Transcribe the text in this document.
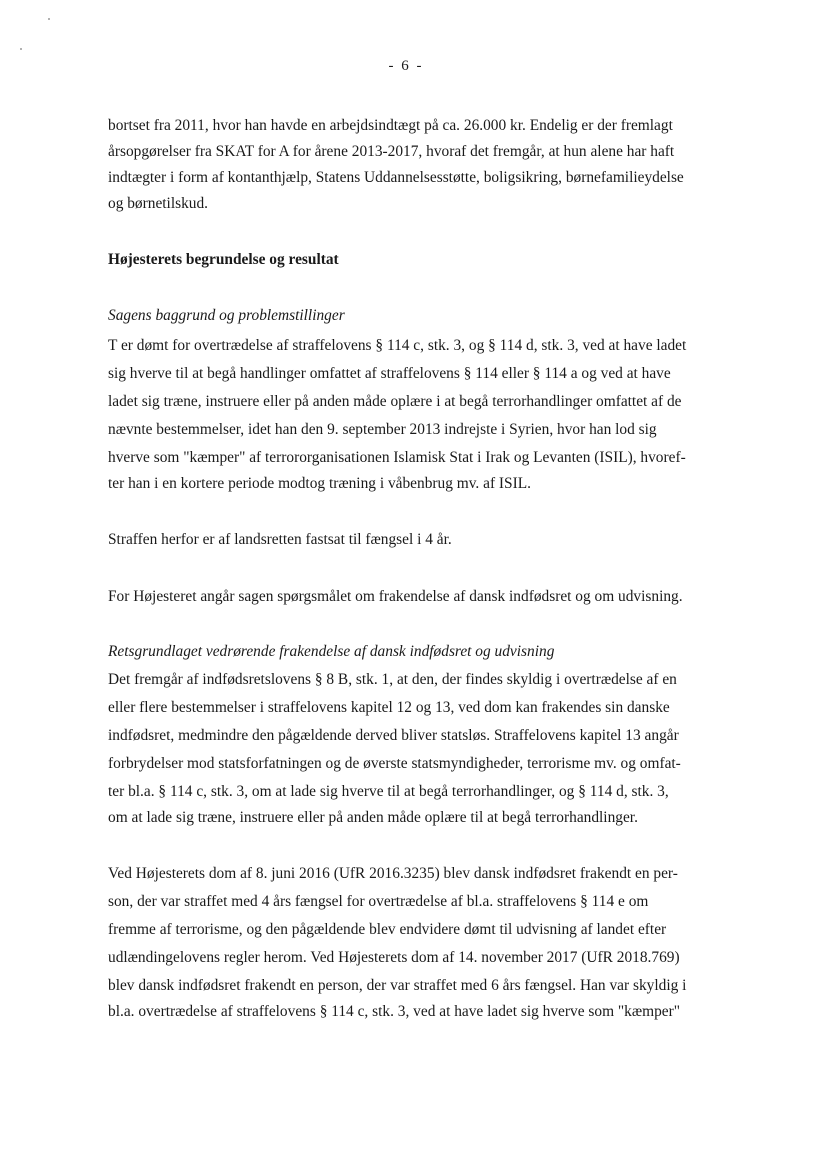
- 6 -
bortset fra 2011, hvor han havde en arbejdsindtægt på ca. 26.000 kr. Endelig er der fremlagt
årsopgørelser fra SKAT for A for årene 2013-2017, hvoraf det fremgår, at hun alene har haft
indtægter i form af kontanthjælp, Statens Uddannelsesstøtte, boligsikring, børnefamilieydelse
og børnetilskud.
Højesterets begrundelse og resultat
Sagens baggrund og problemstillinger
T er dømt for overtrædelse af straffelovens § 114 c, stk. 3, og § 114 d, stk. 3, ved at have ladet
sig hverve til at begå handlinger omfattet af straffelovens § 114 eller § 114 a og ved at have
ladet sig træne, instruere eller på anden måde oplære i at begå terrorhandlinger omfattet af de
nævnte bestemmelser, idet han den 9. september 2013 indrejste i Syrien, hvor han lod sig
hverve som "kæmper" af terrororganisationen Islamisk Stat i Irak og Levanten (ISIL), hvoref-
ter han i en kortere periode modtog træning i våbenbrug mv. af ISIL.
Straffen herfor er af landsretten fastsat til fængsel i 4 år.
For Højesteret angår sagen spørgsmålet om frakendelse af dansk indfødsret og om udvisning.
Retsgrundlaget vedrørende frakendelse af dansk indfødsret og udvisning
Det fremgår af indfødsretslovens § 8 B, stk. 1, at den, der findes skyldig i overtrædelse af en
eller flere bestemmelser i straffelovens kapitel 12 og 13, ved dom kan frakendes sin danske
indfødsret, medmindre den pågældende derved bliver statsløs. Straffelovens kapitel 13 angår
forbrydelser mod statsforfatningen og de øverste statsmyndigheder, terrorisme mv. og omfat-
ter bl.a. § 114 c, stk. 3, om at lade sig hverve til at begå terrorhandlinger, og § 114 d, stk. 3,
om at lade sig træne, instruere eller på anden måde oplære til at begå terrorhandlinger.
Ved Højesterets dom af 8. juni 2016 (UfR 2016.3235) blev dansk indfødsret frakendt en per-
son, der var straffet med 4 års fængsel for overtrædelse af bl.a. straffelovens § 114 e om
fremme af terrorisme, og den pågældende blev endvidere dømt til udvisning af landet efter
udlændingelovens regler herom. Ved Højesterets dom af 14. november 2017 (UfR 2018.769)
blev dansk indfødsret frakendt en person, der var straffet med 6 års fængsel. Han var skyldig i
bl.a. overtrædelse af straffelovens § 114 c, stk. 3, ved at have ladet sig hverve som "kæmper"
